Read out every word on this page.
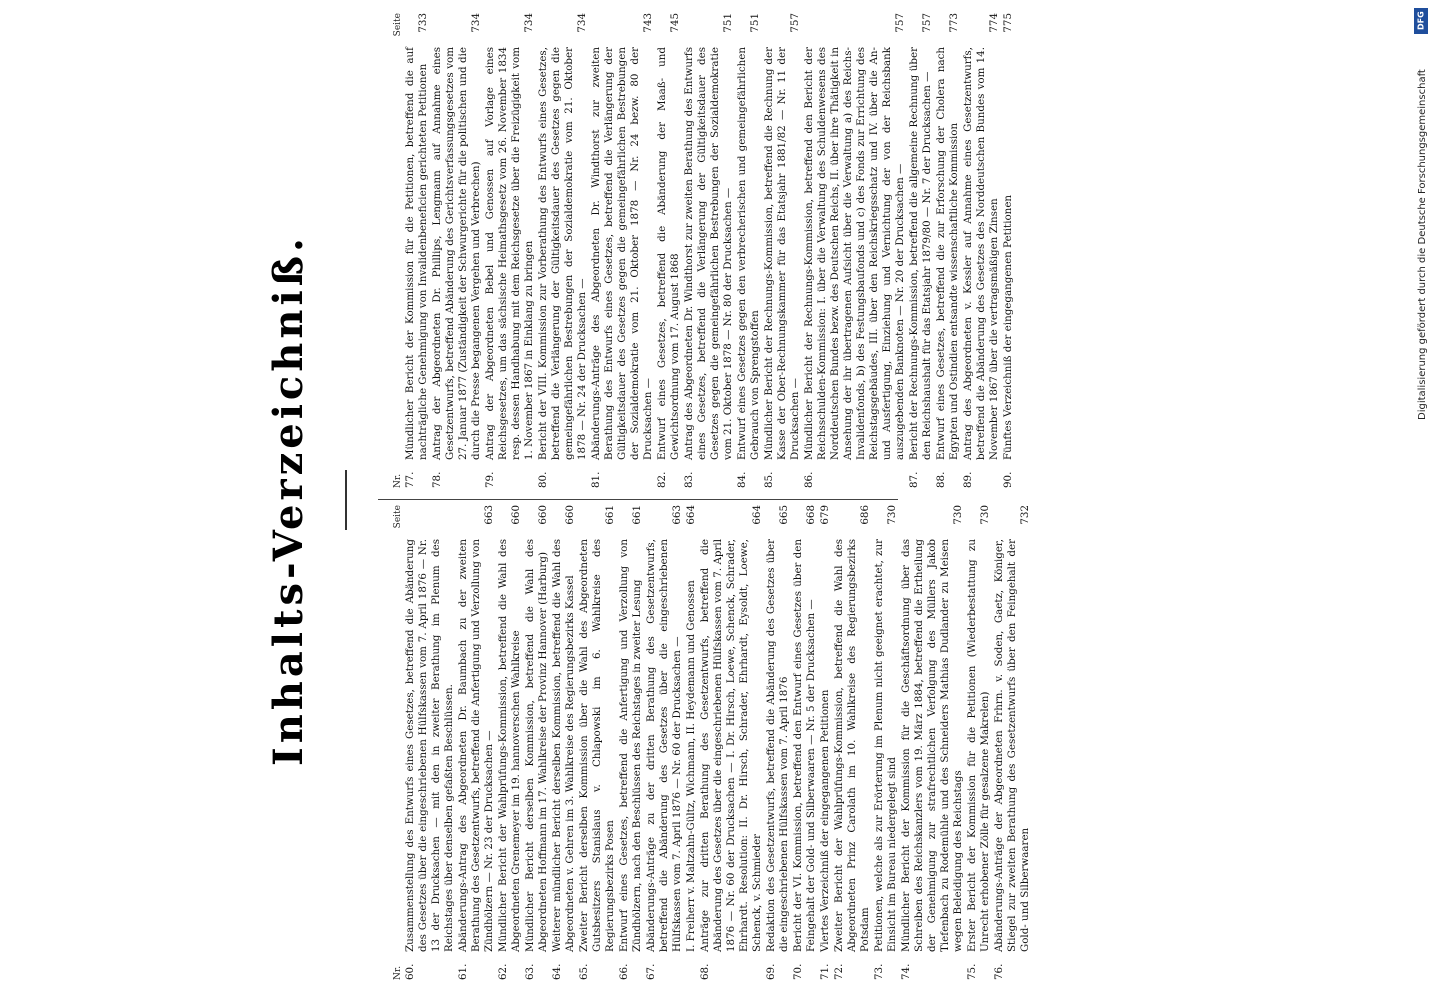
Inhalts-Verzeichniß.
Nr.
Seite
60.
Zusammenstellung des Entwurfs eines Gesetzes, betreffend die Abänderung des Gesetzes über die eingeschriebenen Hülfskassen vom 7. April 1876 — Nr. 13 der Drucksachen — mit den in zweiter Berathung im Plenum des Reichstages über denselben gefaßten Beschlüssen.
61.
Abänderungs-Antrag des Abgeordneten Dr. Baumbach zu der zweiten Berathung des Gesetzentwurfs, betreffend die Anfertigung und Verzollung von Zündhölzern — Nr. 23 der Drucksachen —
663
62.
Mündlicher Bericht der Wahlprüfungs-Kommission, betreffend die Wahl des Abgeordneten Grenemeyer im 19. hannoverschen Wahlkreise
660
63.
Mündlicher Bericht derselben Kommission, betreffend die Wahl des Abgeordneten Hoffmann im 17. Wahlkreise der Provinz Hannover (Harburg)
660
64.
Weiterer mündlicher Bericht derselben Kommission, betreffend die Wahl des Abgeordneten v. Gehren im 3. Wahlkreise des Regierungsbezirks Kassel
660
65.
Zweiter Bericht derselben Kommission über die Wahl des Abgeordneten Gutsbesitzers Stanislaus v. Chlapowski im 6. Wahlkreise des Regierungsbezirks Posen
661
66.
Entwurf eines Gesetzes, betreffend die Anfertigung und Verzollung von Zündhölzern, nach den Beschlüssen des Reichstages in zweiter Lesung
661
67.
Abänderungs-Anträge zu der dritten Berathung des Gesetzentwurfs, betreffend die Abänderung des Gesetzes über die eingeschriebenen Hülfskassen vom 7. April 1876 — Nr. 60 der Drucksachen —
663
I. Freiherr v. Maltzahn-Gültz, Wichmann, II. Heydemann und Genossen
664
68.
Anträge zur dritten Berathung des Gesetzentwurfs, betreffend die Abänderung des Gesetzes über die eingeschriebenen Hülfskassen vom 7. April 1876 — Nr. 60 der Drucksachen — I. Dr. Hirsch, Loewe, Schenck, Schrader, Ehrhardt. Resolution: II. Dr. Hirsch, Schrader, Ehrhardt, Eysoldt, Loewe, Schenck, v. Schmieder
664
69.
Redaktion des Gesetzentwurfs, betreffend die Abänderung des Gesetzes über die eingeschriebenen Hülfskassen vom 7. April 1876
665
70.
Bericht der VI. Kommission, betreffend den Entwurf eines Gesetzes über den Feingehalt der Gold- und Silberwaaren — Nr. 5 der Drucksachen —
668
71.
Viertes Verzeichniß der eingegangenen Petitionen
679
72.
Zweiter Bericht der Wahlprüfungs-Kommission, betreffend die Wahl des Abgeordneten Prinz Carolath im 10. Wahlkreise des Regierungsbezirks Potsdam
686
73.
Petitionen, welche als zur Erörterung im Plenum nicht geeignet erachtet, zur Einsicht im Bureau niedergelegt sind
730
74.
Mündlicher Bericht der Kommission für die Geschäftsordnung über das Schreiben des Reichskanzlers vom 19. März 1884, betreffend die Ertheilung der Genehmigung zur strafrechtlichen Verfolgung des Müllers Jakob Tiefenbach zu Rodemühle und des Schneiders Mathias Dudlander zu Meisen wegen Beleidigung des Reichstags
730
75.
Erster Bericht der Kommission für die Petitionen (Wiederbestattung zu Unrecht erhobener Zölle für gesalzene Makrelen)
730
76.
Abänderungs-Anträge der Abgeordneten Frhrn. v. Soden, Gaetz, Königer, Stiegel zur zweiten Berathung des Gesetzentwurfs über den Feingehalt der Gold- und Silberwaaren
732
Nr.
Seite
77.
Mündlicher Bericht der Kommission für die Petitionen, betreffend die auf nachträgliche Genehmigung von Invalidenbeneficien gerichteten Petitionen
733
78.
Antrag der Abgeordneten Dr. Phillips, Lengmann auf Annahme eines Gesetzentwurfs, betreffend Abänderung des Gerichtsverfassungsgesetzes vom 27. Januar 1877 (Zuständigkeit der Schwurgerichte für die politischen und die durch die Presse begangenen Vergehen und Verbrechen)
734
79.
Antrag der Abgeordneten Bebel und Genossen auf Vorlage eines Reichsgesetzes, um das sächsische Heimathsgesetz vom 26. November 1834 resp. dessen Handhabung mit dem Reichsgesetze über die Freizügigkeit vom 1. November 1867 in Einklang zu bringen
734
80.
Bericht der VIII. Kommission zur Vorberathung des Entwurfs eines Gesetzes, betreffend die Verlängerung der Gültigkeitsdauer des Gesetzes gegen die gemeingefährlichen Bestrebungen der Sozialdemokratie vom 21. Oktober 1878 — Nr. 24 der Drucksachen —
734
81.
Abänderungs-Anträge des Abgeordneten Dr. Windthorst zur zweiten Berathung des Entwurfs eines Gesetzes, betreffend die Verlängerung der Gültigkeitsdauer des Gesetzes gegen die gemeingefährlichen Bestrebungen der Sozialdemokratie vom 21. Oktober 1878 — Nr. 24 bezw. 80 der Drucksachen —
743
82.
Entwurf eines Gesetzes, betreffend die Abänderung der Maaß- und Gewichtsordnung vom 17. August 1868
745
83.
Antrag des Abgeordneten Dr. Windthorst zur zweiten Berathung des Entwurfs eines Gesetzes, betreffend die Verlängerung der Gültigkeitsdauer des Gesetzes gegen die gemeingefährlichen Bestrebungen der Sozialdemokratie vom 21. Oktober 1878 — Nr. 80 der Drucksachen —
751
84.
Entwurf eines Gesetzes gegen den verbrecherischen und gemeingefährlichen Gebrauch von Sprengstoffen
751
85.
Mündlicher Bericht der Rechnungs-Kommission, betreffend die Rechnung der Kasse der Ober-Rechnungskammer für das Etatsjahr 1881/82 — Nr. 11 der Drucksachen —
757
86.
Mündlicher Bericht der Rechnungs-Kommission, betreffend den Bericht der Reichsschulden-Kommission: I. über die Verwaltung des Schuldenwesens des Norddeutschen Bundes bezw. des Deutschen Reichs, II. über ihre Thätigkeit in Ansehung der ihr übertragenen Aufsicht über die Verwaltung a) des Reichs-Invalidenfonds, b) des Festungsbaufonds und c) des Fonds zur Errichtung des Reichstagsgebäudes, III. über den Reichskriegsschatz und IV. über die An- und Ausfertigung, Einziehung und Vernichtung der von der Reichsbank auszugebenden Banknoten — Nr. 20 der Drucksachen —
757
87.
Bericht der Rechnungs-Kommission, betreffend die allgemeine Rechnung über den Reichshaushalt für das Etatsjahr 1879/80 — Nr. 7 der Drucksachen —
757
88.
Entwurf eines Gesetzes, betreffend die zur Erforschung der Cholera nach Egypten und Ostindien entsandte wissenschaftliche Kommission
773
89.
Antrag des Abgeordneten v. Kessler auf Annahme eines Gesetzentwurfs, betreffend die Abänderung des Gesetzes des Norddeutschen Bundes vom 14. November 1867 über die vertragsmäßigen Zinsen
774
90.
Fünftes Verzeichniß der eingegangenen Petitionen
775	DFG
Digitalisierung gefördert durch die Deutsche Forschungsgemeinschaft
